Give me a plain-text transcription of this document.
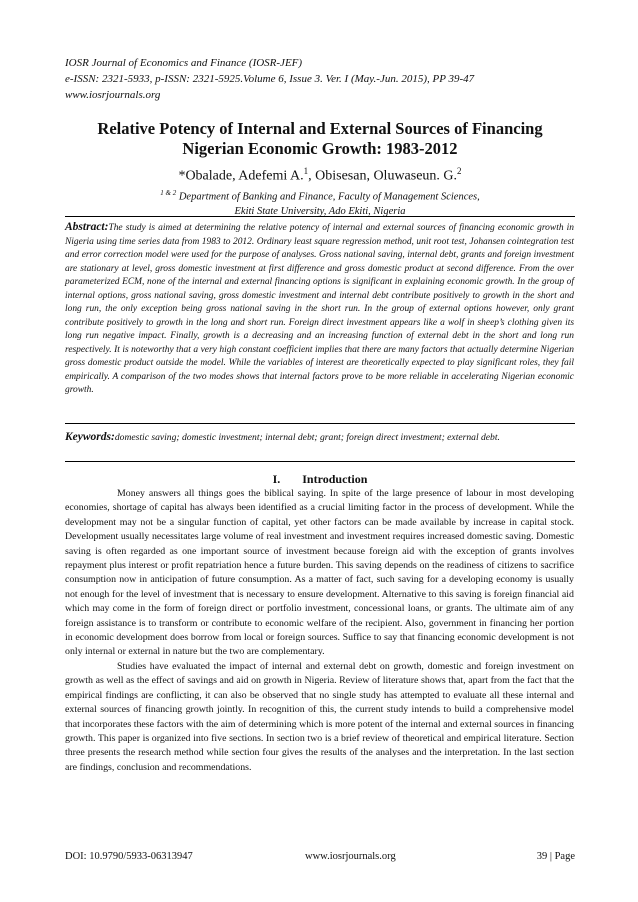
IOSR Journal of Economics and Finance (IOSR-JEF)
e-ISSN: 2321-5933, p-ISSN: 2321-5925.Volume 6, Issue 3. Ver. I (May.-Jun. 2015), PP 39-47
www.iosrjournals.org
Relative Potency of Internal and External Sources of Financing
Nigerian Economic Growth: 1983-2012
*Obalade, Adefemi A.$^1$, Obisesan, Oluwaseun. G.$^2$
$^{1 \& 2}$ Department of Banking and Finance, Faculty of Management Sciences,
Ekiti State University, Ado Ekiti, Nigeria
Abstract:The study is aimed at determining the relative potency of internal and external sources of financing economic growth in Nigeria using time series data from 1983 to 2012. Ordinary least square regression method, unit root test, Johansen cointegration test and error correction model were used for the purpose of analyses. Gross national saving, internal debt, grants and foreign investment are stationary at level, gross domestic investment at first difference and gross domestic product at second difference. From the over parameterized ECM, none of the internal and external financing options is significant in explaining economic growth. In the group of internal options, gross national saving, gross domestic investment and internal debt contribute positively to growth in the short and long run, the only exception being gross national saving in the short run. In the group of external options however, only grant contribute positively to growth in the long and short run. Foreign direct investment appears like a wolf in sheep’s clothing given its long run negative impact. Finally, growth is a decreasing and an increasing function of external debt in the short and long run respectively. It is noteworthy that a very high constant coefficient implies that there are many factors that actually determine Nigerian gross domestic product outside the model. While the variables of interest are theoretically expected to play significant roles, they fail empirically. A comparison of the two modes shows that internal factors prove to be more reliable in accelerating Nigerian economic growth.
Keywords:domestic saving; domestic investment; internal debt; grant; foreign direct investment; external debt.
I. Introduction

Money answers all things goes the biblical saying. In spite of the large presence of labour in most developing economies, shortage of capital has always been identified as a crucial limiting factor in the process of development. While the development may not be a singular function of capital, yet other factors can be made available by increase in capital stock. Development usually necessitates large volume of real investment and investment requires increased domestic saving. Domestic saving is often regarded as one important source of investment because foreign aid with the exception of grants involves repayment plus interest or profit repatriation hence a future burden. This saving depends on the readiness of citizens to sacrifice consumption now in anticipation of future consumption. As a matter of fact, such saving for a developing economy is usually not enough for the level of investment that is necessary to ensure development. Alternative to this saving is foreign financial aid which may come in the form of foreign direct or portfolio investment, concessional loans, or grants. The ultimate aim of any foreign assistance is to transform or contribute to economic welfare of the recipient. Also, government in financing her portion in economic development does borrow from local or foreign sources. Suffice to say that financing economic development is not only internal or external in nature but the two are complementary.

Studies have evaluated the impact of internal and external debt on growth, domestic and foreign investment on growth as well as the effect of savings and aid on growth in Nigeria. Review of literature shows that, apart from the fact that the empirical findings are conflicting, it can also be observed that no single study has attempted to evaluate all these internal and external sources of financing growth jointly. In recognition of this, the current study intends to build a comprehensive model that incorporates these factors with the aim of determining which is more potent of the internal and external sources in financing growth. This paper is organized into five sections. In section two is a brief review of theoretical and empirical literature. Section three presents the research method while section four gives the results of the analyses and the interpretation. In the last section are findings, conclusion and recommendations.

DOI: 10.9790/5933-06313947	www.iosrjournals.org	39 | Page
